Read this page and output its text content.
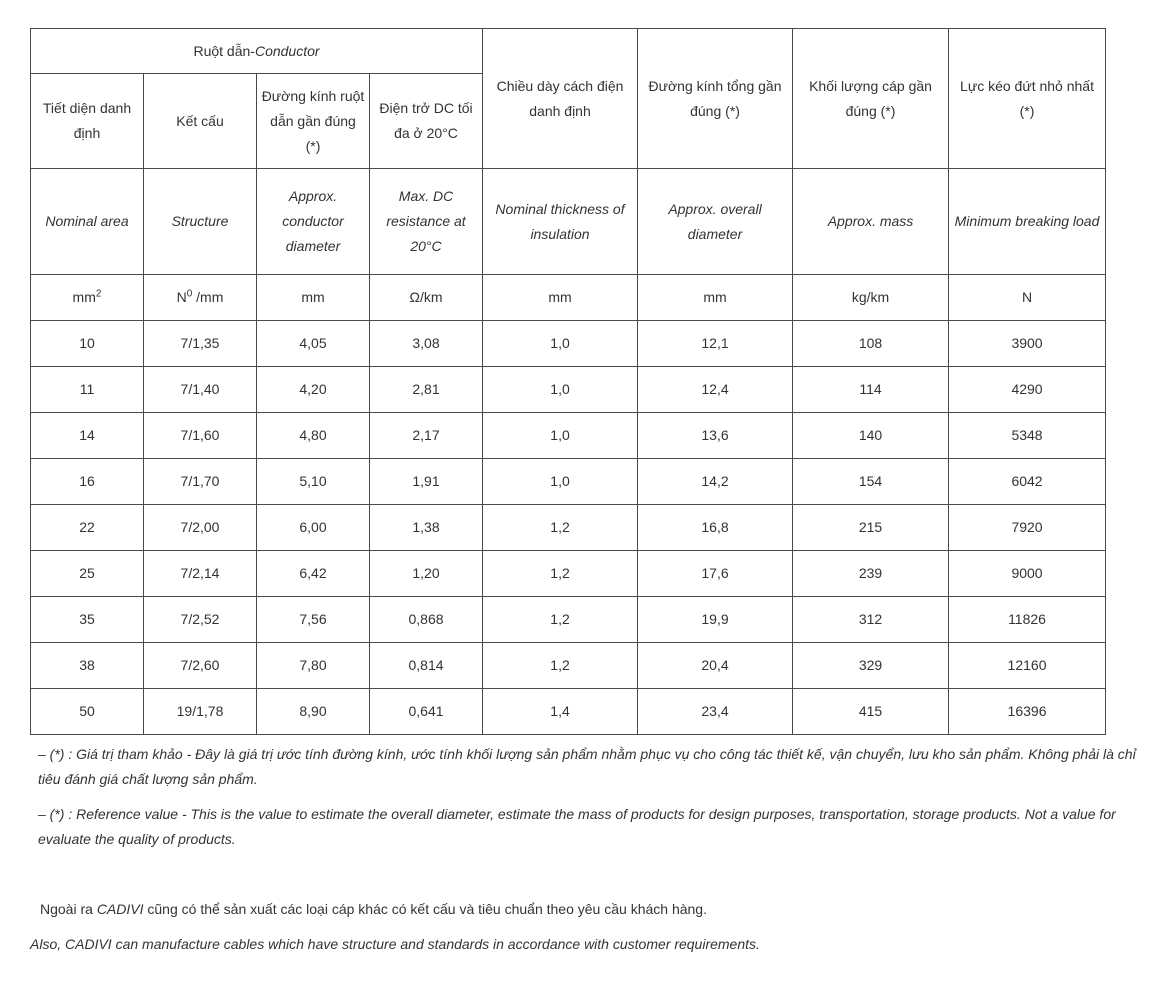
Ruột dẫn-Conductor				Chiều dày cách điện danh định	Đường kính tổng gần đúng (*)	Khối lượng cáp gần đúng (*)	Lực kéo đứt nhỏ nhất (*)
Tiết diện danh định	Kết cấu	Đường kính ruột dẫn gần đúng (*)	Điện trở DC tối đa ở 20°C				
Nominal area	Structure	Approx. conductor diameter	Max. DC resistance at 20°C	Nominal thickness of insulation	Approx. overall diameter	Approx. mass	Minimum breaking load
$mm^2$	$N^0$ /mm	mm	Ω/km	mm	mm	kg/km	N
10	7/1,35	4,05	3,08	1,0	12,1	108	3900
11	7/1,40	4,20	2,81	1,0	12,4	114	4290
14	7/1,60	4,80	2,17	1,0	13,6	140	5348
16	7/1,70	5,10	1,91	1,0	14,2	154	6042
22	7/2,00	6,00	1,38	1,2	16,8	215	7920
25	7/2,14	6,42	1,20	1,2	17,6	239	9000
35	7/2,52	7,56	0,868	1,2	19,9	312	11826
38	7/2,60	7,80	0,814	1,2	20,4	329	12160
50	19/1,78	8,90	0,641	1,4	23,4	415	16396
– (*) : Giá trị tham khảo - Đây là giá trị ước tính đường kính, ước tính khối lượng sản phẩm nhằm phục vụ cho công tác thiết kế, vận chuyển, lưu kho sản phẩm. Không phải là chỉ tiêu đánh giá chất lượng sản phẩm.
– (*) : Reference value - This is the value to estimate the overall diameter, estimate the mass of products for design purposes, transportation, storage products. Not a value for evaluate the quality of products.
Ngoài ra CADIVI cũng có thể sản xuất các loại cáp khác có kết cấu và tiêu chuẩn theo yêu cầu khách hàng.
Also, CADIVI can manufacture cables which have structure and standards in accordance with customer requirements.
